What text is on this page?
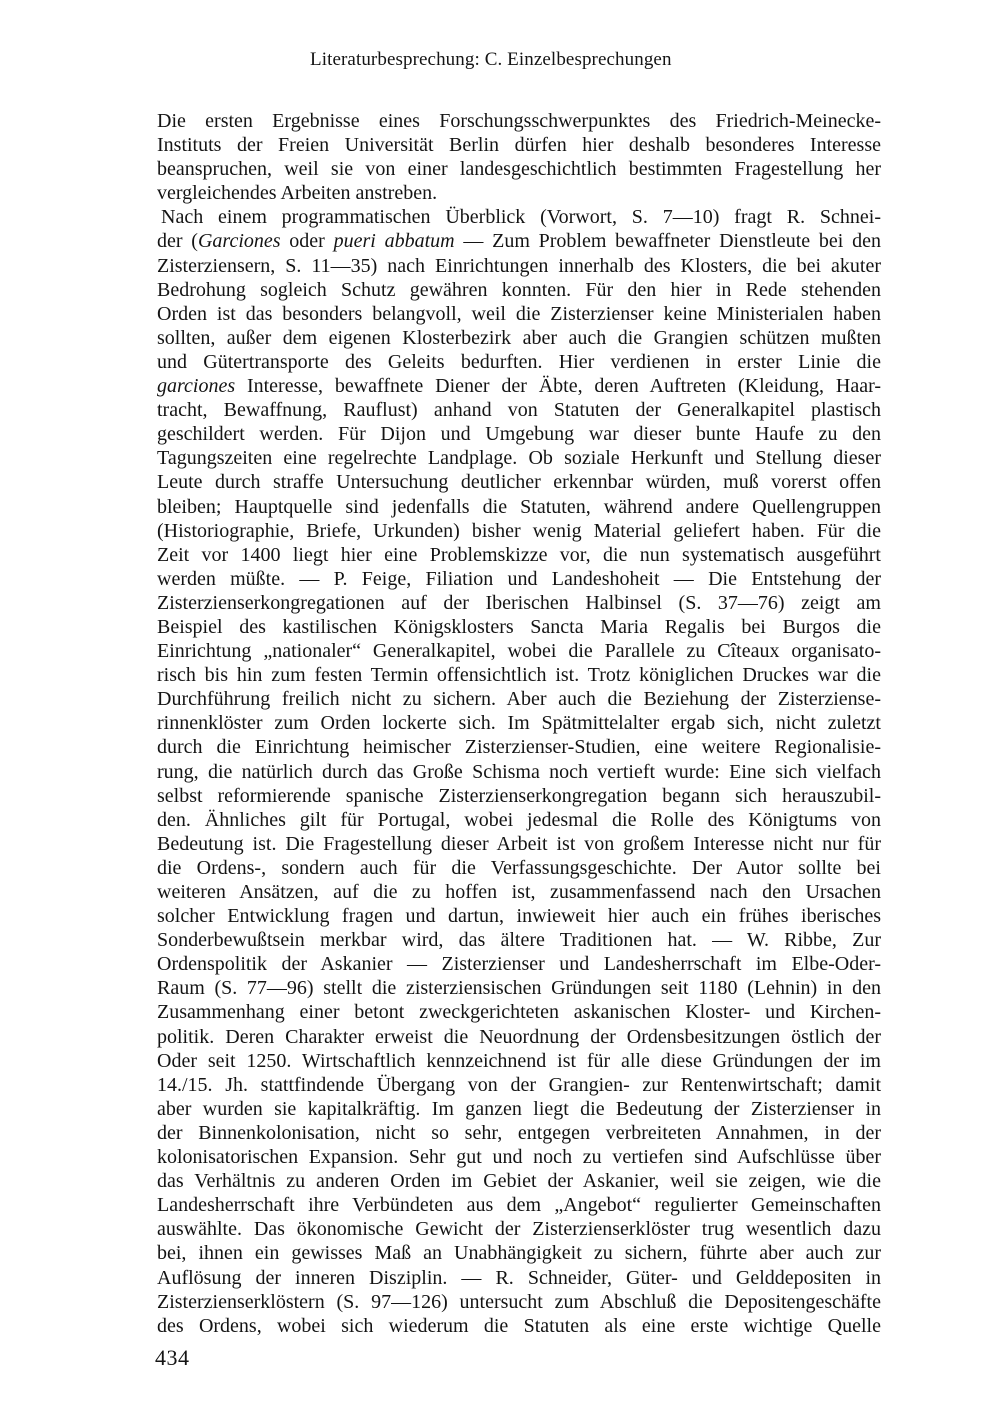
Literaturbesprechung: C. Einzelbesprechungen
Die ersten Ergebnisse eines Forschungsschwerpunktes des Friedrich-Meinecke-
Instituts der Freien Universität Berlin dürfen hier deshalb besonderes Interesse
beanspruchen, weil sie von einer landesgeschichtlich bestimmten Fragestellung her
vergleichendes Arbeiten anstreben.
Nach einem programmatischen Überblick (Vorwort, S. 7—10) fragt R. Schnei-
der (Garciones oder pueri abbatum — Zum Problem bewaffneter Dienstleute bei den
Zisterziensern, S. 11—35) nach Einrichtungen innerhalb des Klosters, die bei akuter
Bedrohung sogleich Schutz gewähren konnten. Für den hier in Rede stehenden
Orden ist das besonders belangvoll, weil die Zisterzienser keine Ministerialen haben
sollten, außer dem eigenen Klosterbezirk aber auch die Grangien schützen mußten
und Gütertransporte des Geleits bedurften. Hier verdienen in erster Linie die
garciones Interesse, bewaffnete Diener der Äbte, deren Auftreten (Kleidung, Haar-
tracht, Bewaffnung, Rauflust) anhand von Statuten der Generalkapitel plastisch
geschildert werden. Für Dijon und Umgebung war dieser bunte Haufe zu den
Tagungszeiten eine regelrechte Landplage. Ob soziale Herkunft und Stellung dieser
Leute durch straffe Untersuchung deutlicher erkennbar würden, muß vorerst offen
bleiben; Hauptquelle sind jedenfalls die Statuten, während andere Quellengruppen
(Historiographie, Briefe, Urkunden) bisher wenig Material geliefert haben. Für die
Zeit vor 1400 liegt hier eine Problemskizze vor, die nun systematisch ausgeführt
werden müßte. — P. Feige, Filiation und Landeshoheit — Die Entstehung der
Zisterzienserkongregationen auf der Iberischen Halbinsel (S. 37—76) zeigt am
Beispiel des kastilischen Königsklosters Sancta Maria Regalis bei Burgos die
Einrichtung „nationaler“ Generalkapitel, wobei die Parallele zu Cîteaux organisato-
risch bis hin zum festen Termin offensichtlich ist. Trotz königlichen Druckes war die
Durchführung freilich nicht zu sichern. Aber auch die Beziehung der Zisterziense-
rinnenklöster zum Orden lockerte sich. Im Spätmittelalter ergab sich, nicht zuletzt
durch die Einrichtung heimischer Zisterzienser-Studien, eine weitere Regionalisie-
rung, die natürlich durch das Große Schisma noch vertieft wurde: Eine sich vielfach
selbst reformierende spanische Zisterzienserkongregation begann sich herauszubil-
den. Ähnliches gilt für Portugal, wobei jedesmal die Rolle des Königtums von
Bedeutung ist. Die Fragestellung dieser Arbeit ist von großem Interesse nicht nur für
die Ordens-, sondern auch für die Verfassungsgeschichte. Der Autor sollte bei
weiteren Ansätzen, auf die zu hoffen ist, zusammenfassend nach den Ursachen
solcher Entwicklung fragen und dartun, inwieweit hier auch ein frühes iberisches
Sonderbewußtsein merkbar wird, das ältere Traditionen hat. — W. Ribbe, Zur
Ordenspolitik der Askanier — Zisterzienser und Landesherrschaft im Elbe-Oder-
Raum (S. 77—96) stellt die zisterziensischen Gründungen seit 1180 (Lehnin) in den
Zusammenhang einer betont zweckgerichteten askanischen Kloster- und Kirchen-
politik. Deren Charakter erweist die Neuordnung der Ordensbesitzungen östlich der
Oder seit 1250. Wirtschaftlich kennzeichnend ist für alle diese Gründungen der im
14./15. Jh. stattfindende Übergang von der Grangien- zur Rentenwirtschaft; damit
aber wurden sie kapitalkräftig. Im ganzen liegt die Bedeutung der Zisterzienser in
der Binnenkolonisation, nicht so sehr, entgegen verbreiteten Annahmen, in der
kolonisatorischen Expansion. Sehr gut und noch zu vertiefen sind Aufschlüsse über
das Verhältnis zu anderen Orden im Gebiet der Askanier, weil sie zeigen, wie die
Landesherrschaft ihre Verbündeten aus dem „Angebot“ regulierter Gemeinschaften
auswählte. Das ökonomische Gewicht der Zisterzienserklöster trug wesentlich dazu
bei, ihnen ein gewisses Maß an Unabhängigkeit zu sichern, führte aber auch zur
Auflösung der inneren Disziplin. — R. Schneider, Güter- und Gelddepositen in
Zisterzienserklöstern (S. 97—126) untersucht zum Abschluß die Depositengeschäfte
des Ordens, wobei sich wiederum die Statuten als eine erste wichtige Quelle
434
